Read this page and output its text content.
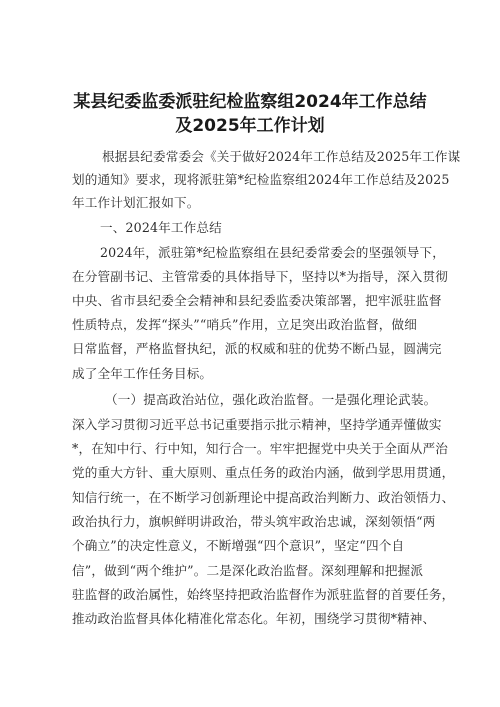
某县纪委监委派驻纪检监察组2024年工作总结
及2025年工作计划
根据县纪委常委会《关于做好2024年工作总结及2025年工作谋
划的通知》要求，现将派驻第*纪检监察组2024年工作总结及2025
年工作计划汇报如下。
一、2024年工作总结
2024年，派驻第*纪检监察组在县纪委常委会的坚强领导下，
在分管副书记、主管常委的具体指导下，坚持以*为指导，深入贯彻
中央、省市县纪委全会精神和县纪委监委决策部署，把牢派驻监督
性质特点，发挥“探头”“哨兵”作用，立足突出政治监督，做细
日常监督，严格监督执纪，派的权威和驻的优势不断凸显，圆满完
成了全年工作任务目标。
（一）提高政治站位，强化政治监督。一是强化理论武装。
深入学习贯彻习近平总书记重要指示批示精神，坚持学通弄懂做实
*，在知中行、行中知，知行合一。牢牢把握党中央关于全面从严治
党的重大方针、重大原则、重点任务的政治内涵，做到学思用贯通，
知信行统一，在不断学习创新理论中提高政治判断力、政治领悟力、
政治执行力，旗帜鲜明讲政治，带头筑牢政治忠诚，深刻领悟“两
个确立”的决定性意义，不断增强“四个意识”，坚定“四个自
信”，做到“两个维护”。二是深化政治监督。深刻理解和把握派
驻监督的政治属性，始终坚持把政治监督作为派驻监督的首要任务，
推动政治监督具体化精准化常态化。年初，围绕学习贯彻*精神、
